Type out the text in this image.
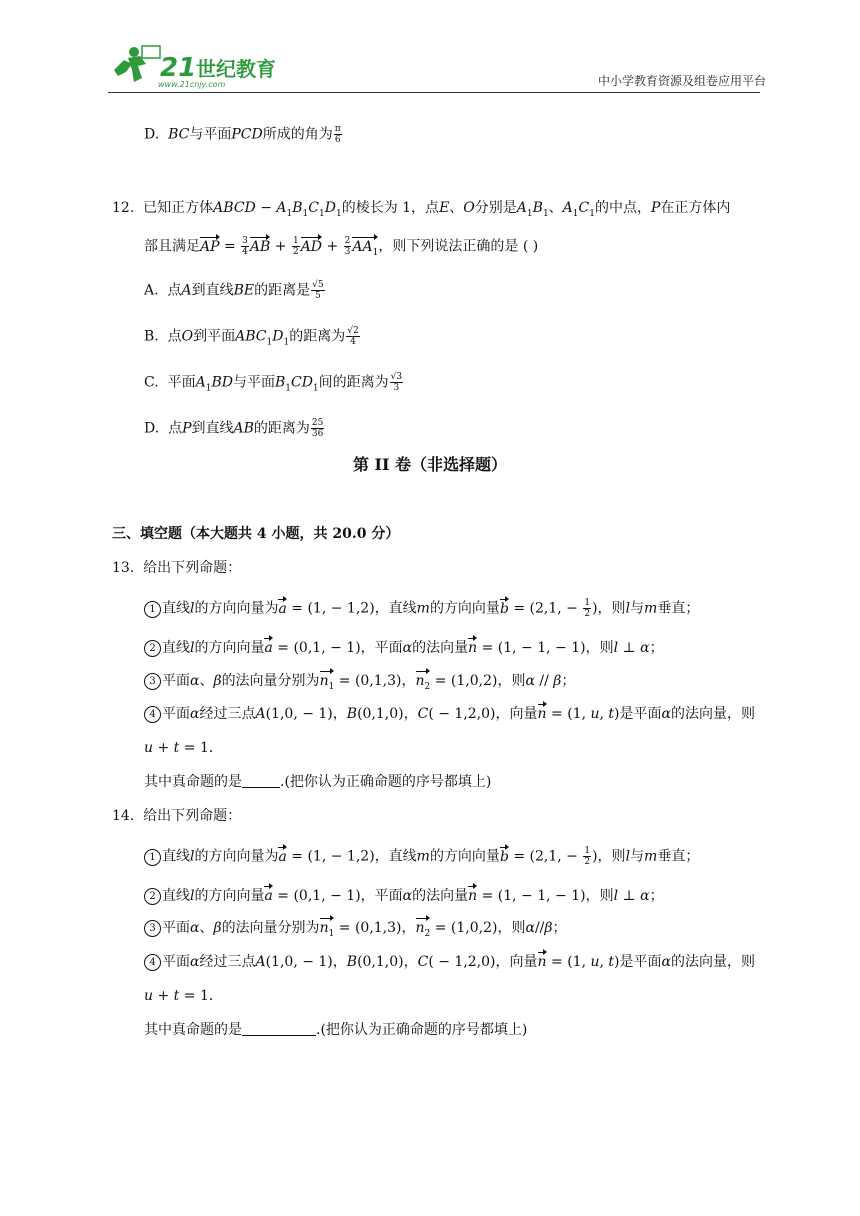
21 世纪教育
www.21cnjy.com	中小学教育资源及组卷应用平台
D. BC与平面PCD所成的角为 $\frac{\pi}{6}$
12. 已知正方体ABCD − $A_1B_1C_1D_1$的棱长为 1，点E、O分别是$A_1B_1$、$A_1C_1$的中点，P在正方体内
部且满足AP = $\frac{3}{4}$ AB + $\frac{1}{2}$ AD + $\frac{2}{3} AA_1$，则下列说法正确的是 ( )
A. 点A到直线BE的距离是 $\frac{√5}{5}$
B. 点O到平面$ABC_1D_1$的距离为 $\frac{√2}{4}$
C. 平面$A_1BD$与平面$B_1CD_1$间的距离为 $\frac{√3}{3}$
D. 点P到直线AB的距离为 $\frac{25}{36}$
第 II 卷（非选择题）
三、填空题（本大题共 4 小题，共 20.0 分）
13. 给出下列命题：
1 直线l的方向向量为a = (1, − 1,2)，直线m的方向向量b = (2,1, − $\frac{1}{2}$ )，则l与m垂直；
2 直线l的方向向量a = (0,1, − 1)，平面α的法向量n = (1, − 1, − 1)，则l ⊥ α；
3 平面α、β的法向量分别为$n_1 = (0,1,3)$，$n_2 = (1,0,2)$，则α // β；
4 平面α经过三点A(1,0, − 1)，B(0,1,0)，C( − 1,2,0)，向量n = (1, u, t)是平面α的法向量，则
u + t = 1．
其中真命题的是	.(把你认为正确命题的序号都填上)
14. 给出下列命题：
1 直线l的方向向量为a = (1, − 1,2)，直线m的方向向量b = (2,1, − $\frac{1}{2}$ )，则l与m垂直；
2 直线l的方向向量a = (0,1, − 1)，平面α的法向量n = (1, − 1, − 1)，则l ⊥ α；
3 平面α、β的法向量分别为$n_1 = (0,1,3)$，$n_2 = (1,0,2)$，则α//β；
4 平面α经过三点A(1,0, − 1)，B(0,1,0)，C( − 1,2,0)，向量n = (1, u, t)是平面α的法向量，则
u + t = 1．
其中真命题的是	.(把你认为正确命题的序号都填上)
